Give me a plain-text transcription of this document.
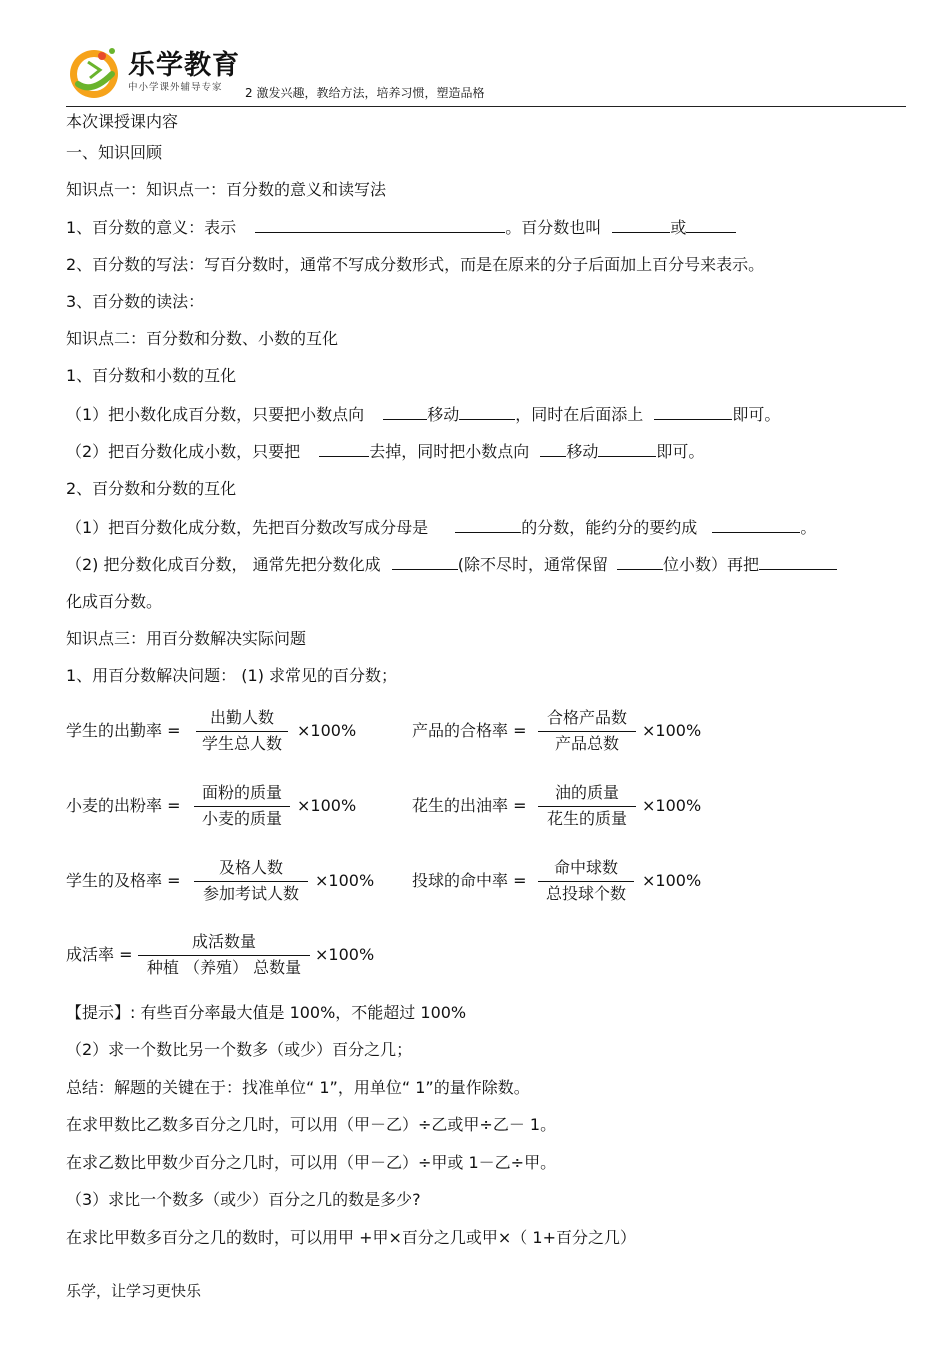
乐学教育
中小学课外辅导专家 2 激发兴趣，教给方法，培养习惯，塑造品格
本次课授课内容
一、知识回顾
知识点一：知识点一：百分数的意义和读写法
1、百分数的意义：表示	。百分数也叫	或
2、百分数的写法：写百分数时，通常不写成分数形式，而是在原来的分子后面加上百分号来表示。
3、百分数的读法：
知识点二：百分数和分数、小数的互化
1、百分数和小数的互化
（1）把小数化成百分数，只要把小数点向	移动	，同时在后面添上	即可。
（2）把百分数化成小数，只要把	去掉，同时把小数点向 移动	即可。
2、百分数和分数的互化
（1）把百分数化成分数，先把百分数改写成分母是	的分数，能约分的要约成	。
（2) 把分数化成百分数， 通常先把分数化成	(除不尽时，通常保留	位小数）再把
化成百分数。
知识点三：用百分数解决实际问题
1、用百分数解决问题： (1) 求常见的百分数；
学生的出勤率 =
出勤人数
学生总人数
×100%	产品的合格率 =
合格产品数
产品总数
×100%
小麦的出粉率 =
面粉的质量
小麦的质量
×100%	花生的出油率 =
油的质量
花生的质量
×100%
学生的及格率 =
及格人数
参加考试人数
×100% 投球的命中率 =
命中球数
总投球个数
×100%
成活率 =
成活数量
种植 （养殖） 总数量
×100%
【提示】: 有些百分率最大值是 100%，不能超过 100%
（2）求一个数比另一个数多（或少）百分之几；
总结：解题的关键在于：找准单位“ 1”，用单位“ 1”的量作除数。
在求甲数比乙数多百分之几时，可以用（甲－乙）÷乙或甲÷乙－ 1。
在求乙数比甲数少百分之几时，可以用（甲－乙）÷甲或 1－乙÷甲。
（3）求比一个数多（或少）百分之几的数是多少?
在求比甲数多百分之几的数时，可以用甲 +甲×百分之几或甲×（ 1+百分之几）
乐学，让学习更快乐
